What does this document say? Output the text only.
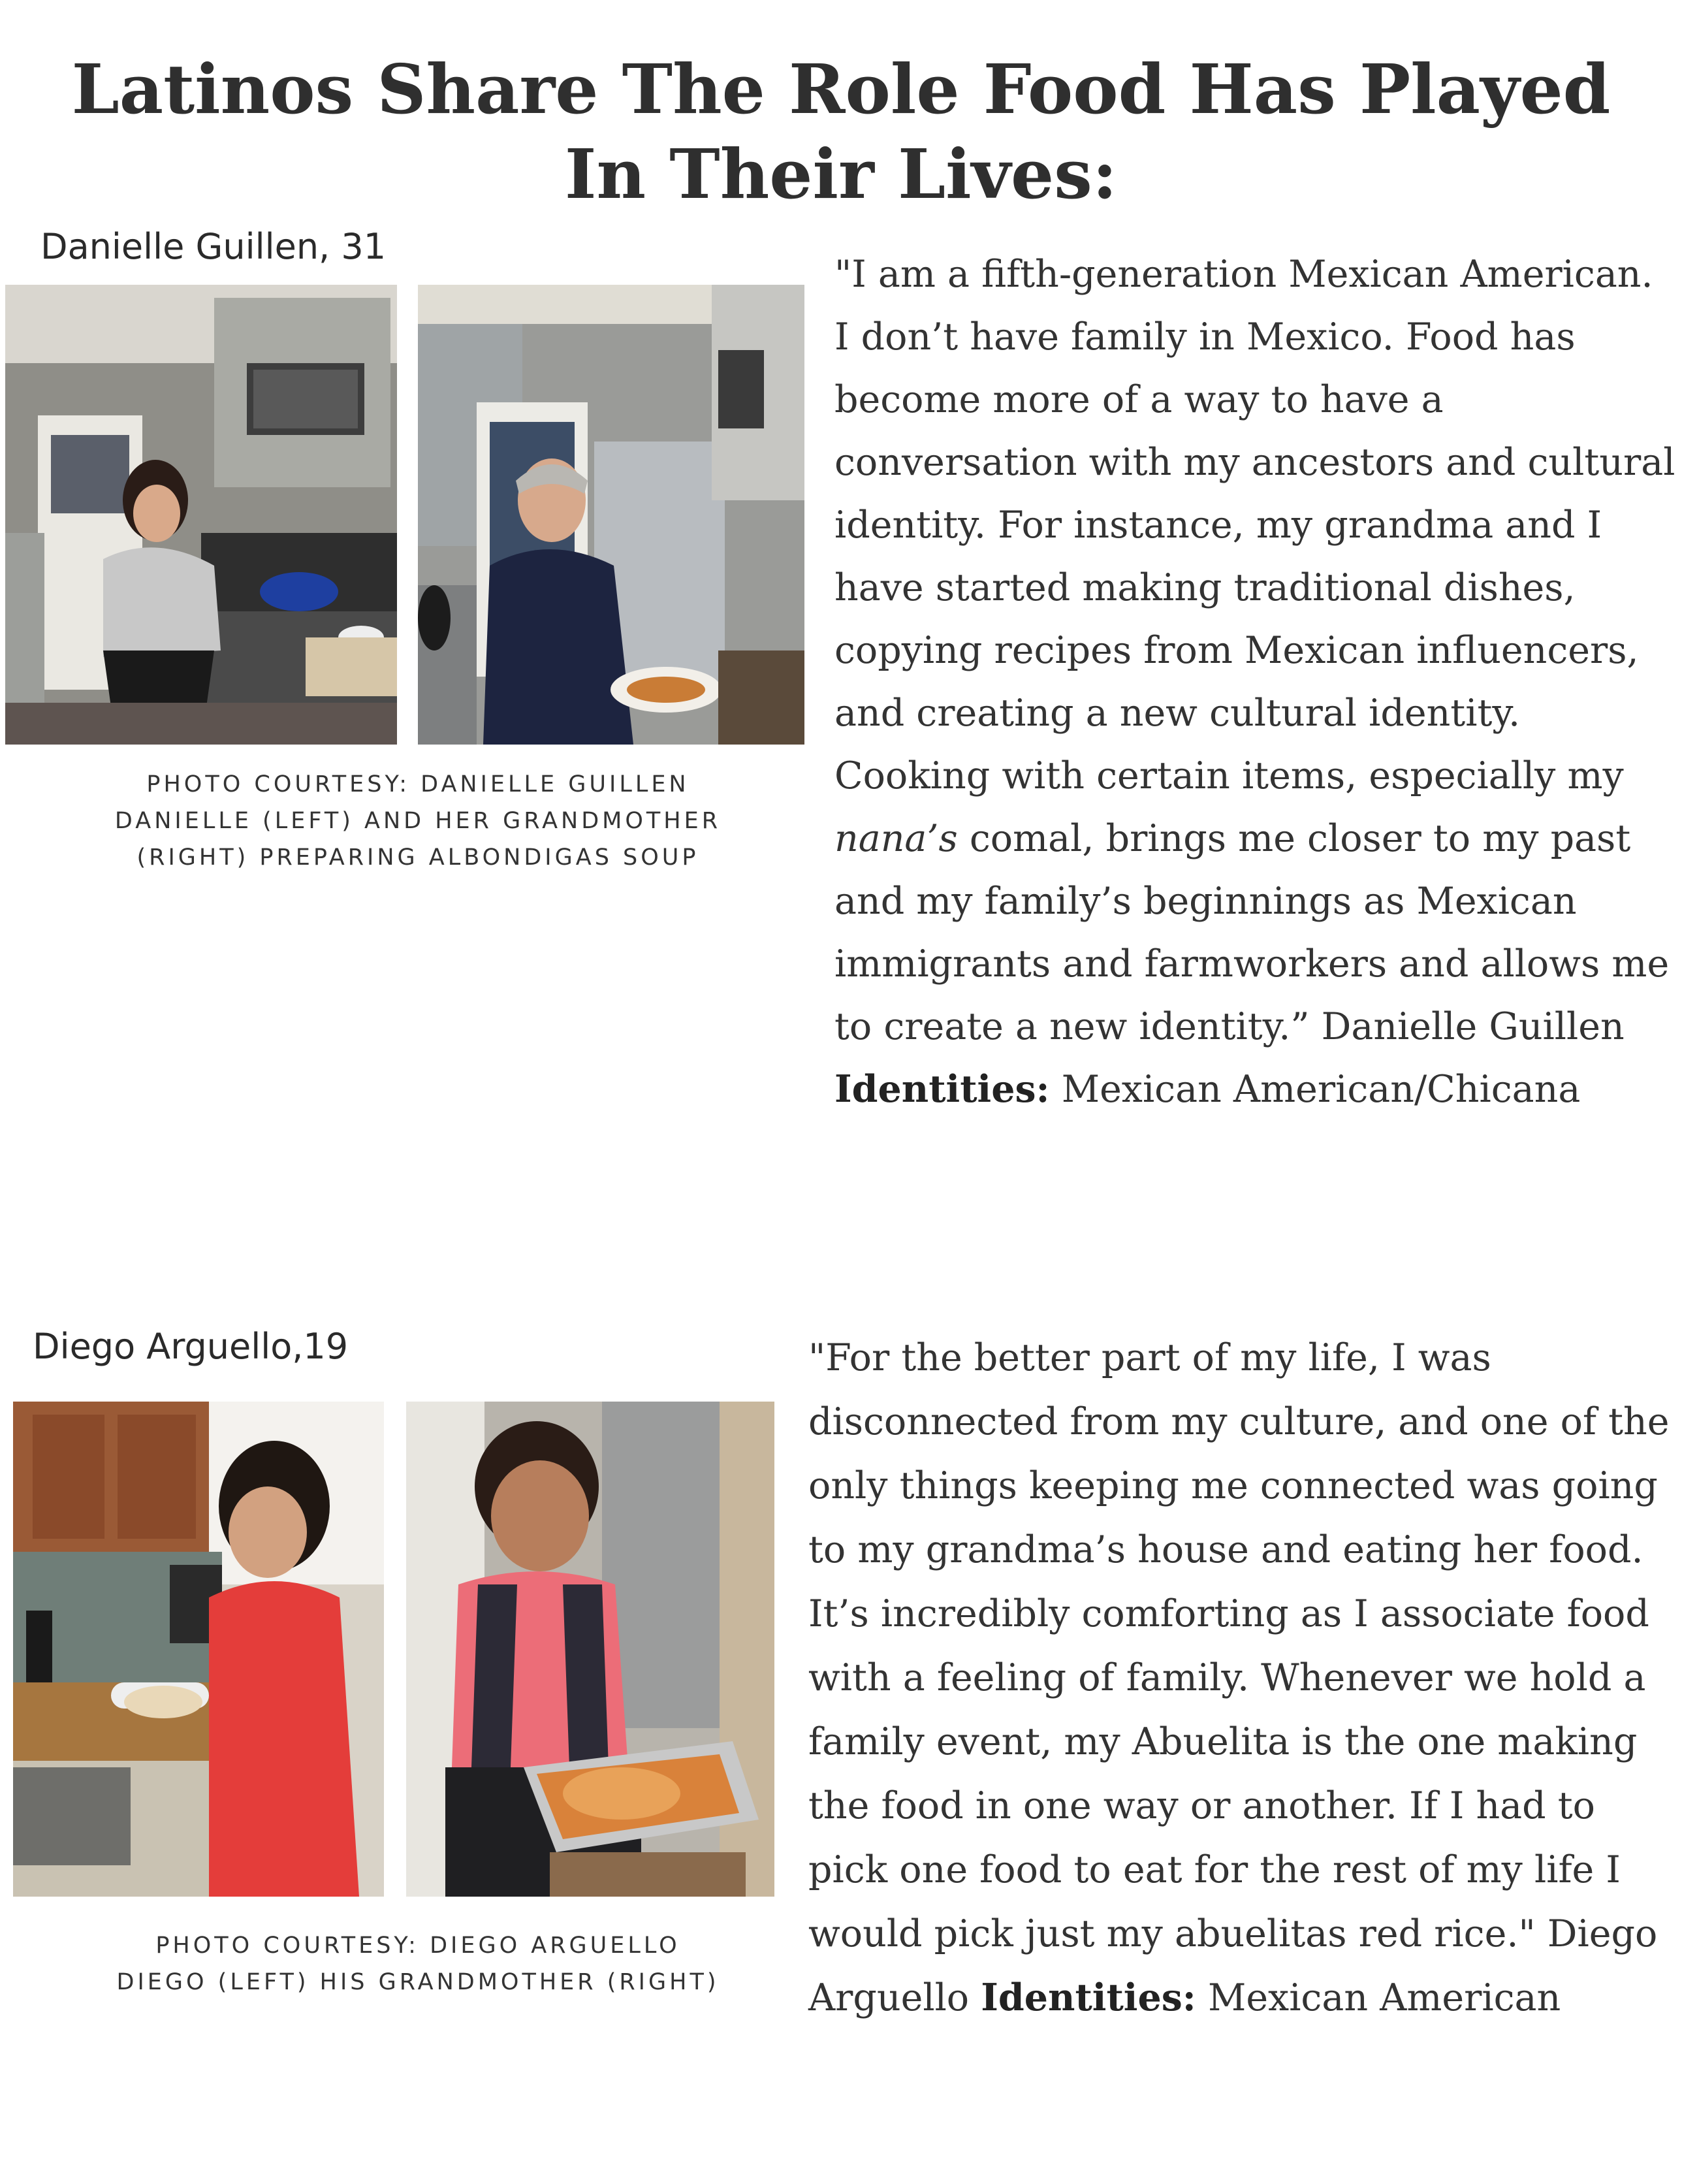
Latinos Share The Role Food Has Played In Their Lives:
Danielle Guillen, 31
PHOTO COURTESY: DANIELLE GUILLEN
DANIELLE (LEFT) AND HER GRANDMOTHER
(RIGHT) PREPARING ALBONDIGAS SOUP

"I am a fifth-generation Mexican American. I don’t have family in Mexico. Food has become more of a way to have a conversation with my ancestors and cultural identity. For instance, my grandma and I have started making traditional dishes, copying recipes from Mexican influencers, and creating a new cultural identity. Cooking with certain items, especially my nana’s comal, brings me closer to my past and my family’s beginnings as Mexican immigrants and farmworkers and allows me to create a new identity.” Danielle Guillen Identities: Mexican American/Chicana

Diego Arguello,19
PHOTO COURTESY: DIEGO ARGUELLO
DIEGO (LEFT) HIS GRANDMOTHER (RIGHT)

"For the better part of my life, I was disconnected from my culture, and one of the only things keeping me connected was going to my grandma’s house and eating her food. It’s incredibly comforting as I associate food with a feeling of family. Whenever we hold a family event, my Abuelita is the one making the food in one way or another. If I had to pick one food to eat for the rest of my life I would pick just my abuelitas red rice." Diego Arguello Identities: Mexican American
